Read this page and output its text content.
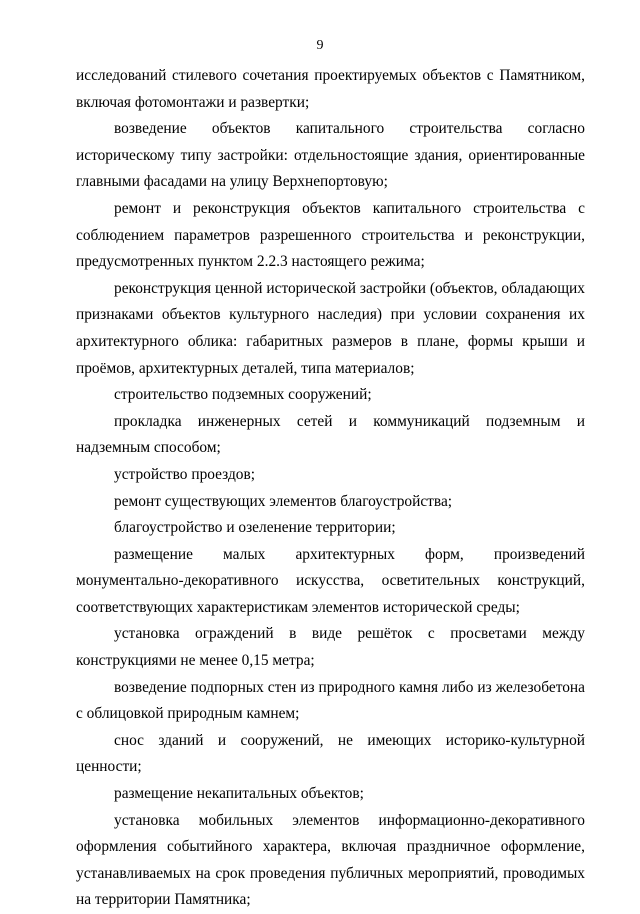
9

исследований стилевого сочетания проектируемых объектов с Памятником, включая фотомонтажи и развертки;

возведение объектов капитального строительства согласно историческому типу застройки: отдельностоящие здания, ориентированные главными фасадами на улицу Верхнепортовую;

ремонт и реконструкция объектов капитального строительства с соблюдением параметров разрешенного строительства и реконструкции, предусмотренных пунктом 2.2.3 настоящего режима;

реконструкция ценной исторической застройки (объектов, обладающих признаками объектов культурного наследия) при условии сохранения их архитектурного облика: габаритных размеров в плане, формы крыши и проёмов, архитектурных деталей, типа материалов;

строительство подземных сооружений;

прокладка инженерных сетей и коммуникаций подземным и надземным способом;

устройство проездов;

ремонт существующих элементов благоустройства;

благоустройство и озеленение территории;

размещение малых архитектурных форм, произведений монументально-декоративного искусства, осветительных конструкций, соответствующих характеристикам элементов исторической среды;

установка ограждений в виде решёток с просветами между конструкциями не менее 0,15 метра;

возведение подпорных стен из природного камня либо из железобетона с облицовкой природным камнем;

снос зданий и сооружений, не имеющих историко-культурной ценности;

размещение некапитальных объектов;

установка мобильных элементов информационно-декоративного оформления событийного характера, включая праздничное оформление, устанавливаемых на срок проведения публичных мероприятий, проводимых на территории Памятника;
